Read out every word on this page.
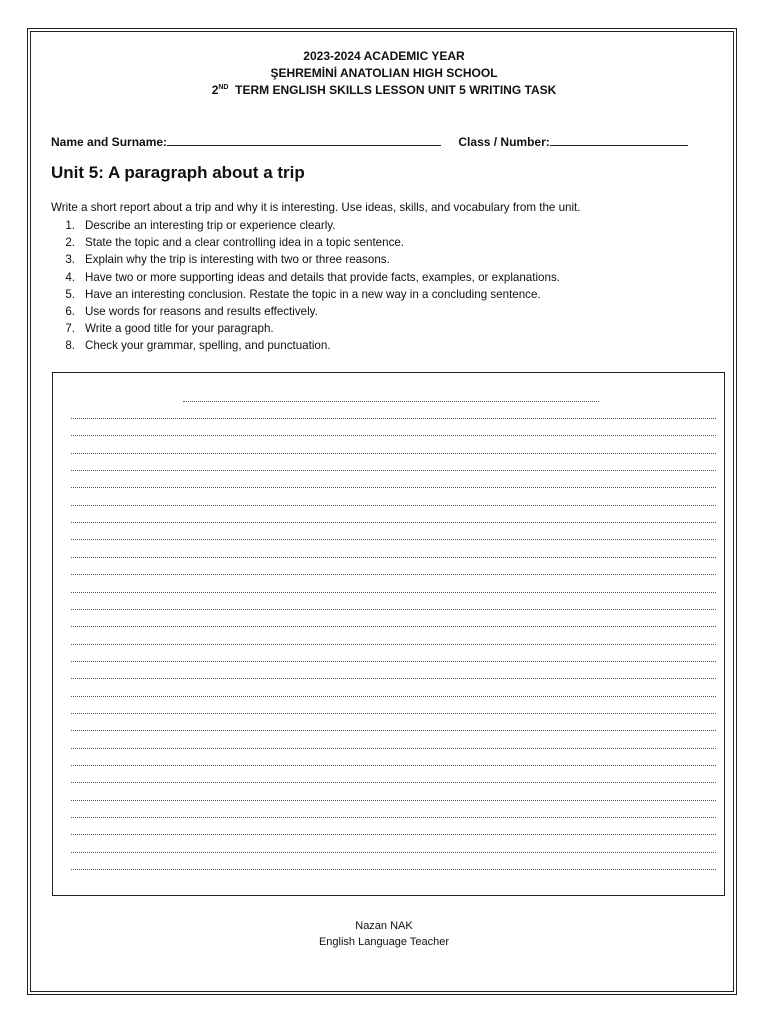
2023-2024 ACADEMIC YEAR
ŞEHREMİNİ ANATOLIAN HIGH SCHOOL
2ND TERM ENGLISH SKILLS LESSON UNIT 5 WRITING TASK
Name and Surname:	Class / Number:
Unit 5: A paragraph about a trip
Write a short report about a trip and why it is interesting. Use ideas, skills, and vocabulary from the unit.
1. Describe an interesting trip or experience clearly.
2. State the topic and a clear controlling idea in a topic sentence.
3. Explain why the trip is interesting with two or three reasons.
4. Have two or more supporting ideas and details that provide facts, examples, or explanations.
5. Have an interesting conclusion. Restate the topic in a new way in a concluding sentence.
6. Use words for reasons and results effectively.
7. Write a good title for your paragraph.
8. Check your grammar, spelling, and punctuation.
Nazan NAK
English Language Teacher
